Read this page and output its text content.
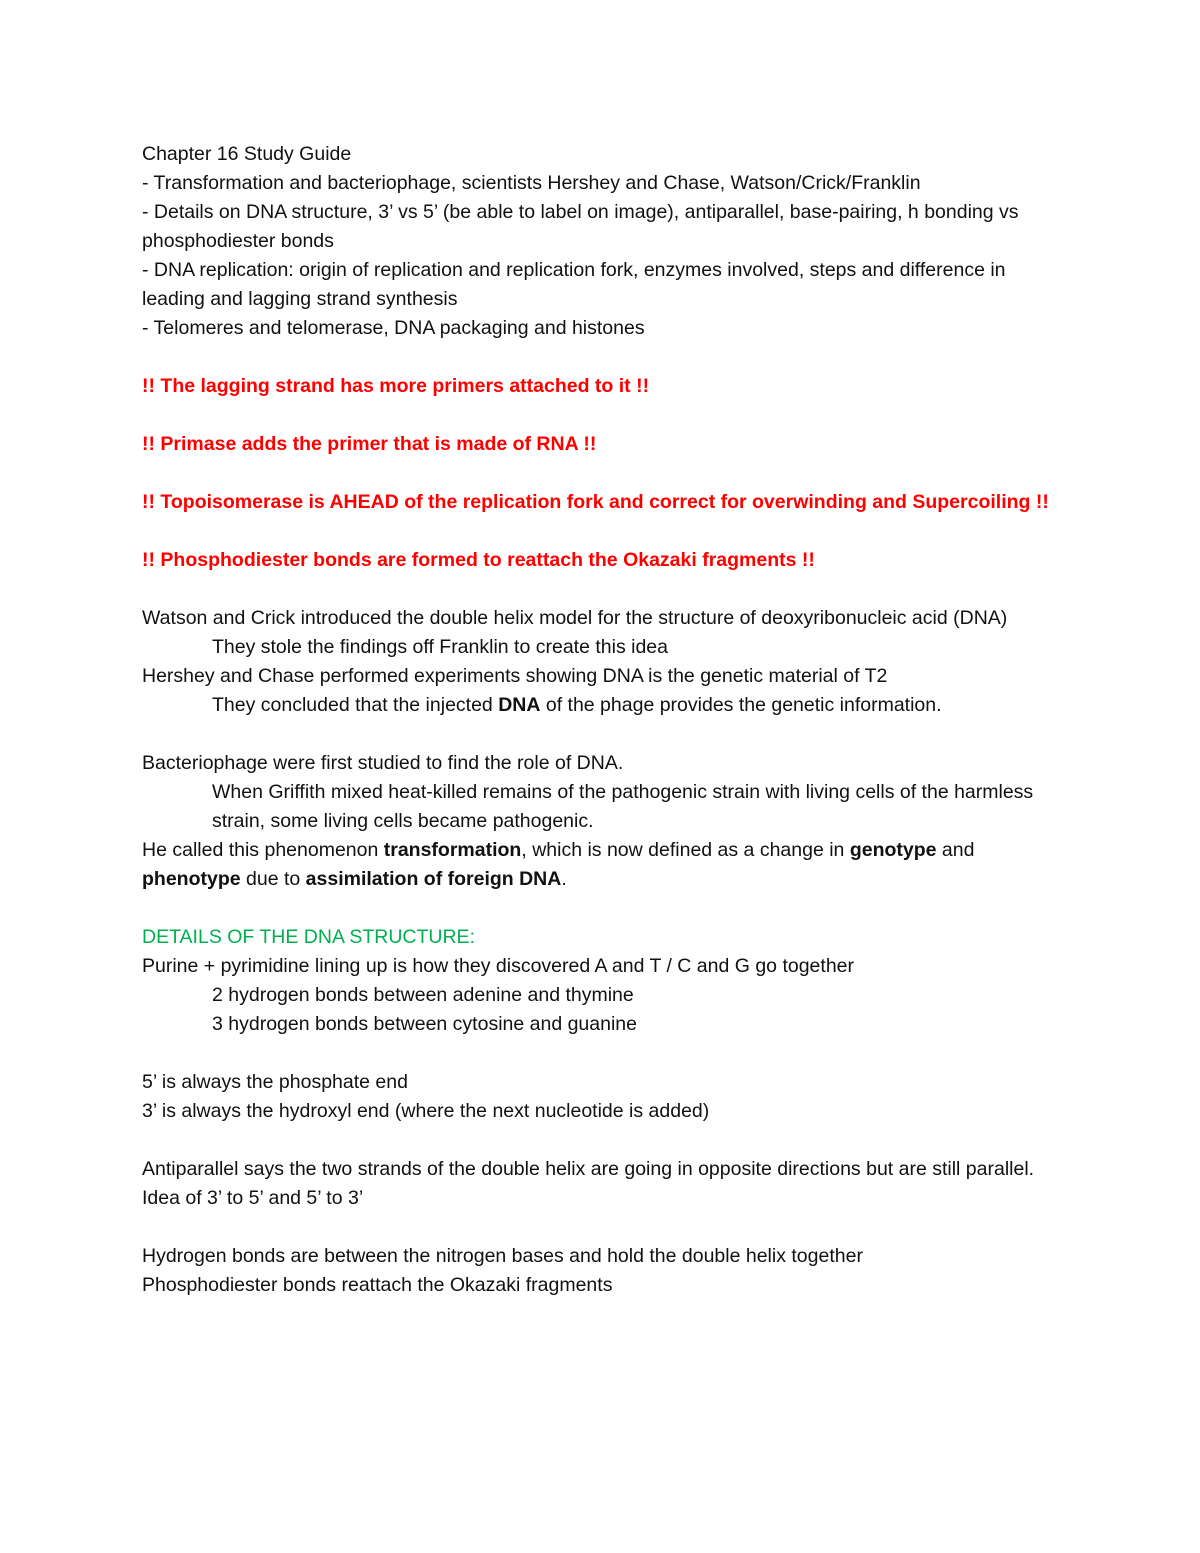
Chapter 16 Study Guide

- Transformation and bacteriophage, scientists Hershey and Chase, Watson/Crick/Franklin

- Details on DNA structure, 3’ vs 5’ (be able to label on image), antiparallel, base-pairing, h bonding vs phosphodiester bonds

- DNA replication: origin of replication and replication fork, enzymes involved, steps and difference in leading and lagging strand synthesis

- Telomeres and telomerase, DNA packaging and histones

!! The lagging strand has more primers attached to it !!

!! Primase adds the primer that is made of RNA !!

!! Topoisomerase is AHEAD of the replication fork and correct for overwinding and Supercoiling !!

!! Phosphodiester bonds are formed to reattach the Okazaki fragments !!

Watson and Crick introduced the double helix model for the structure of deoxyribonucleic acid (DNA)

They stole the findings off Franklin to create this idea

Hershey and Chase performed experiments showing DNA is the genetic material of T2

They concluded that the injected DNA of the phage provides the genetic information.

Bacteriophage were first studied to find the role of DNA.

When Griffith mixed heat-killed remains of the pathogenic strain with living cells of the harmless strain, some living cells became pathogenic.

He called this phenomenon transformation, which is now defined as a change in genotype and phenotype due to assimilation of foreign DNA.

DETAILS OF THE DNA STRUCTURE:

Purine + pyrimidine lining up is how they discovered A and T / C and G go together

2 hydrogen bonds between adenine and thymine

3 hydrogen bonds between cytosine and guanine

5’ is always the phosphate end

3’ is always the hydroxyl end (where the next nucleotide is added)

Antiparallel says the two strands of the double helix are going in opposite directions but are still parallel. Idea of 3’ to 5’ and 5’ to 3’

Hydrogen bonds are between the nitrogen bases and hold the double helix together

Phosphodiester bonds reattach the Okazaki fragments
